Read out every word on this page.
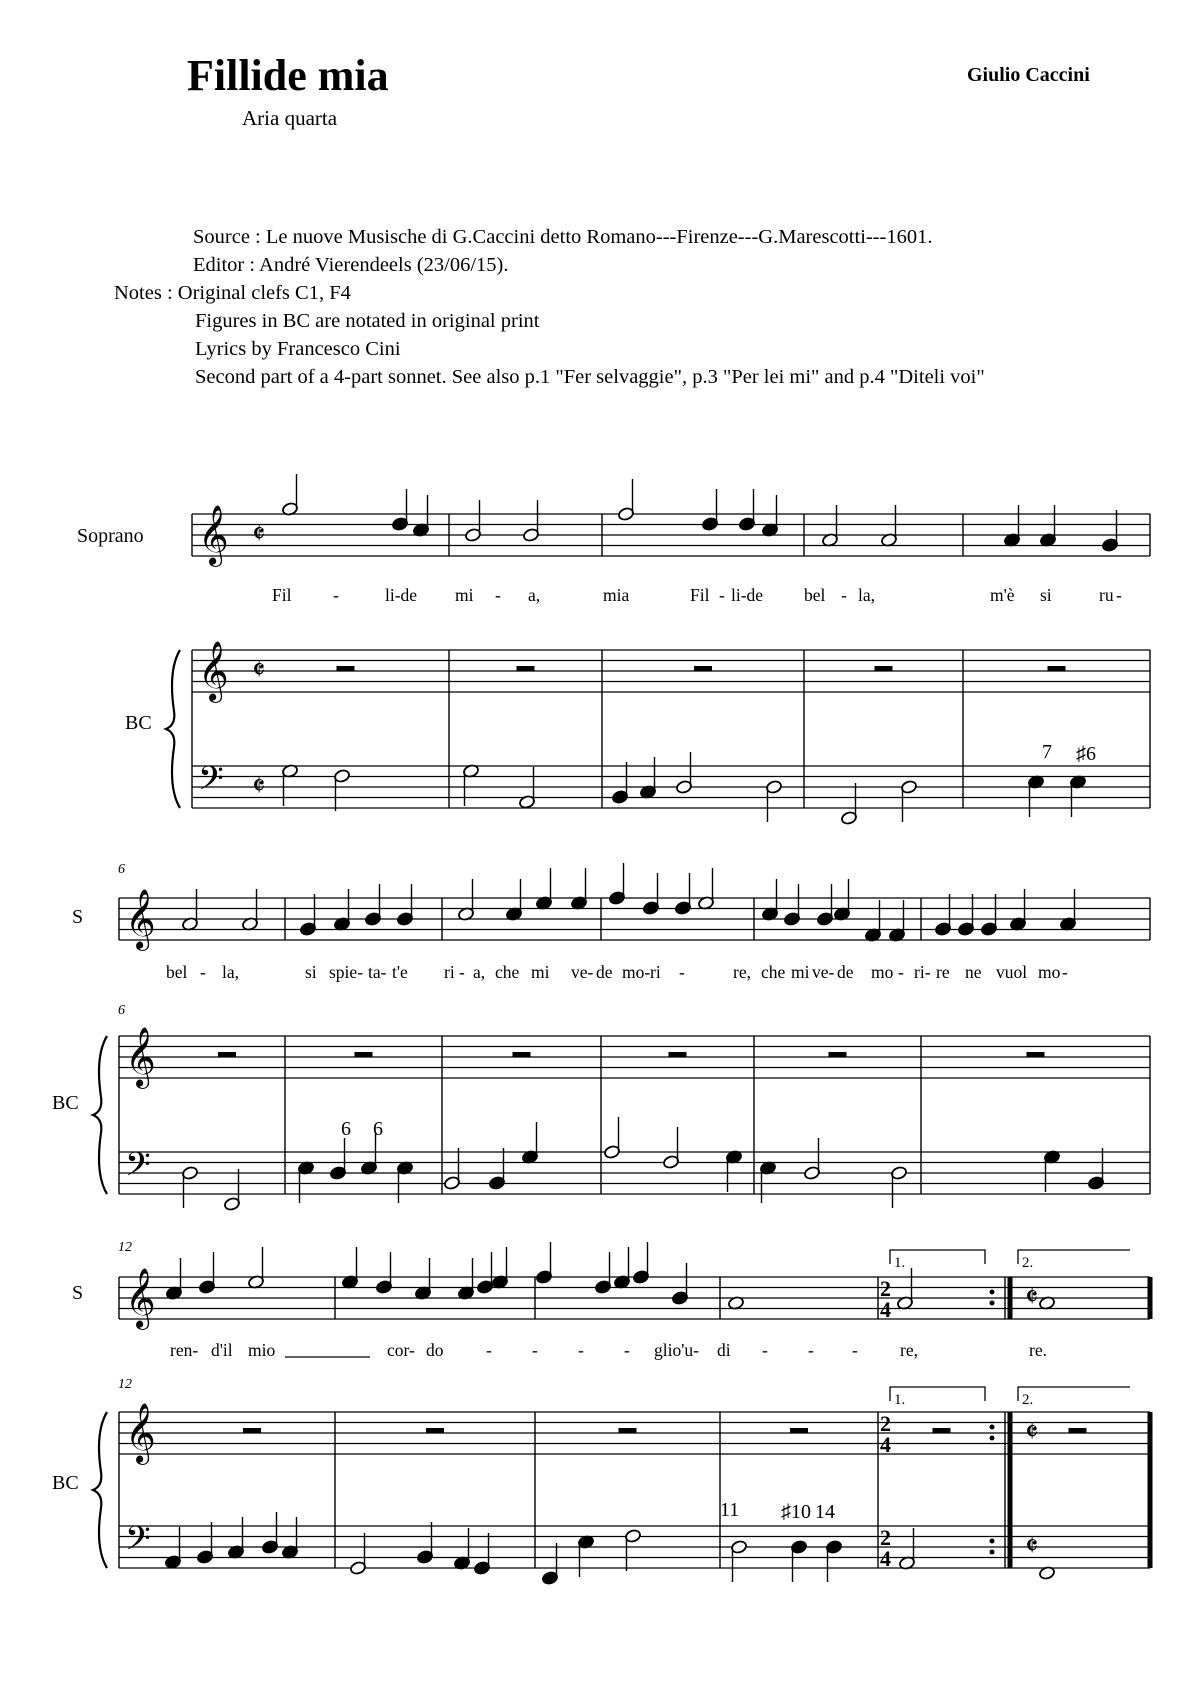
Fillide mia
Aria quarta
Giulio Caccini
Source : Le nuove Musische di G.Caccini detto Romano---Firenze---G.Marescotti---1601.
Editor : André Vierendeels (23/06/15).
Notes : Original clefs C1, F4
Figures in BC are notated in original print
Lyrics by Francesco Cini
Second part of a 4-part sonnet. See also p.1 "Fer selvaggie", p.3 "Per lei mi" and p.4 "Diteli voi"
Soprano
BC
S
BC
S
BC
6
6
12
12
Fil -	li-de mi - a,	mia	Fil - li-de bel - la,	m'è si	ru -
bel - la,	si spie- ta- t'e ri - a, che mi ve- de mo- ri -	re, che mi ve- de mo - ri- re ne vuol mo -
ren- d'il mio	cor- do - - - - glio'u- di - - - re,	re.
7 ♯6
6 6
11 ♯10 14
1.	2.
1.	2.
𝄞
𝄞
𝄢
𝄞
𝄞
𝄢
𝄞
𝄞
𝄢
𝄵
𝄵
2
4
𝄵
𝄵
2
4
𝄵
𝄵
2
4
